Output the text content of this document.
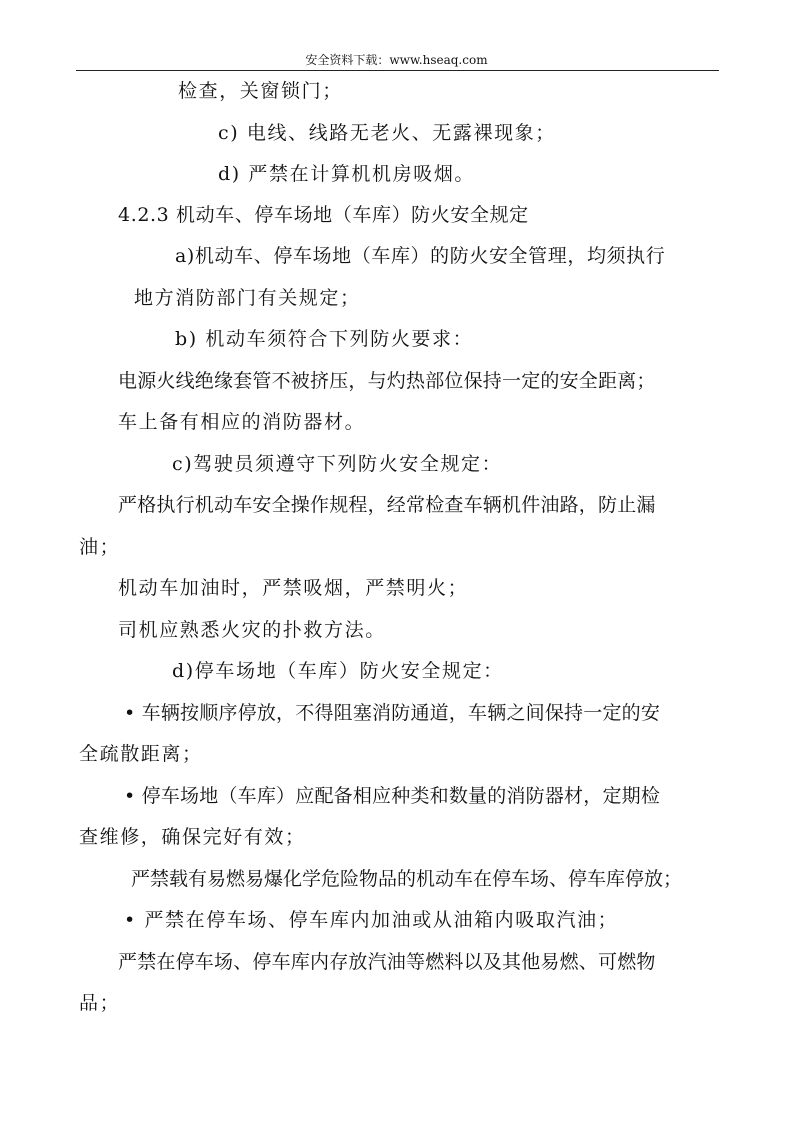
安全资料下载：www.hseaq.com
检查，关窗锁门；
c) 电线、线路无老火、无露裸现象；
d) 严禁在计算机机房吸烟。
4.2.3 机动车、停车场地（车库）防火安全规定
a)机动车、停车场地（车库）的防火安全管理，均须执行
地方消防部门有关规定；
b) 机动车须符合下列防火要求：
电源火线绝缘套管不被挤压，与灼热部位保持一定的安全距离；
车上备有相应的消防器材。
c)驾驶员须遵守下列防火安全规定：
严格执行机动车安全操作规程，经常检查车辆机件油路，防止漏
油；
机动车加油时，严禁吸烟，严禁明火；
司机应熟悉火灾的扑救方法。
d)停车场地（车库）防火安全规定：
• 车辆按顺序停放，不得阻塞消防通道，车辆之间保持一定的安
全疏散距离；
• 停车场地（车库）应配备相应种类和数量的消防器材，定期检
查维修，确保完好有效；
严禁载有易燃易爆化学危险物品的机动车在停车场、停车库停放；
• 严禁在停车场、停车库内加油或从油箱内吸取汽油；
严禁在停车场、停车库内存放汽油等燃料以及其他易燃、可燃物
品；
